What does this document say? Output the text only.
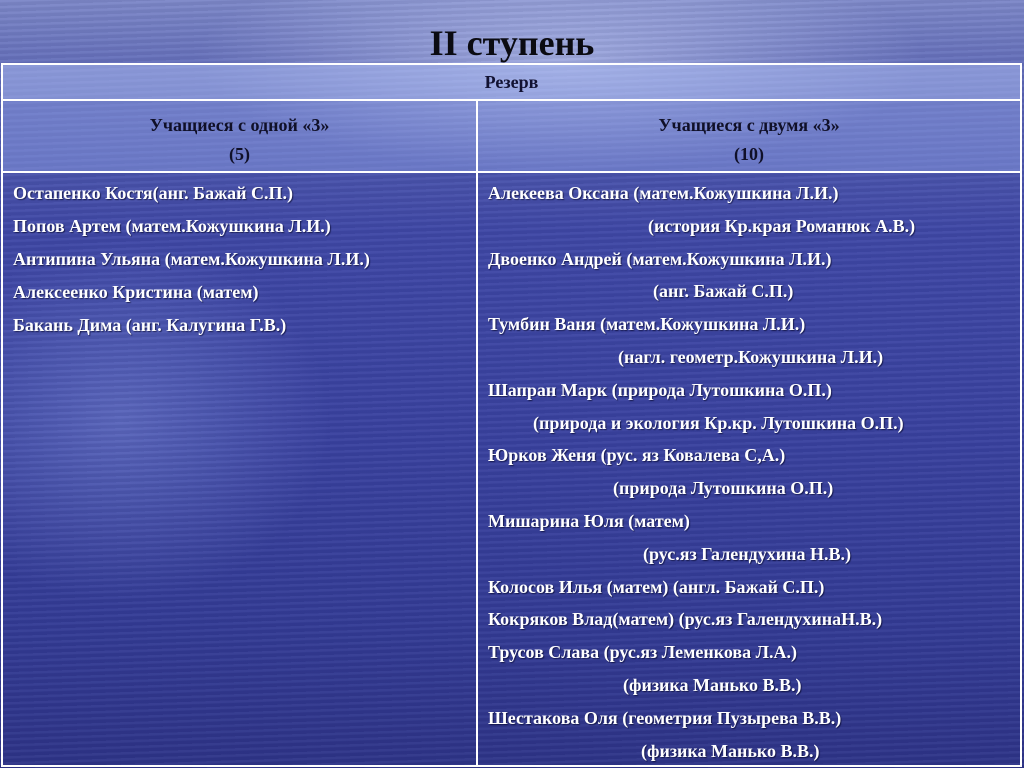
II ступень
Резерв
Учащиеся с одной «3»
(5)
Учащиеся с двумя «3»
(10)
Остапенко Костя(анг. Бажай С.П.)
Попов Артем (матем.Кожушкина Л.И.)
Антипина Ульяна (матем.Кожушкина Л.И.)
Алексеенко Кристина (матем)
Бакань Дима (анг. Калугина Г.В.)
Алекеева Оксана (матем.Кожушкина Л.И.)
(история Кр.края Романюк А.В.)
Двоенко Андрей (матем.Кожушкина Л.И.)
(анг. Бажай С.П.)
Тумбин Ваня (матем.Кожушкина Л.И.)
(нагл. геометр.Кожушкина Л.И.)
Шапран Марк (природа Лутошкина О.П.)
(природа и экология Кр.кр. Лутошкина О.П.)
Юрков Женя (рус. яз Ковалева С,А.)
(природа Лутошкина О.П.)
Мишарина Юля (матем)
(рус.яз Галендухина Н.В.)
Колосов Илья (матем) (англ. Бажай С.П.)
Кокряков Влад(матем) (рус.яз ГалендухинаН.В.)
Трусов Слава (рус.яз Леменкова Л.А.)
(физика Манько В.В.)
Шестакова Оля (геометрия Пузырева В.В.)
(физика Манько В.В.)
